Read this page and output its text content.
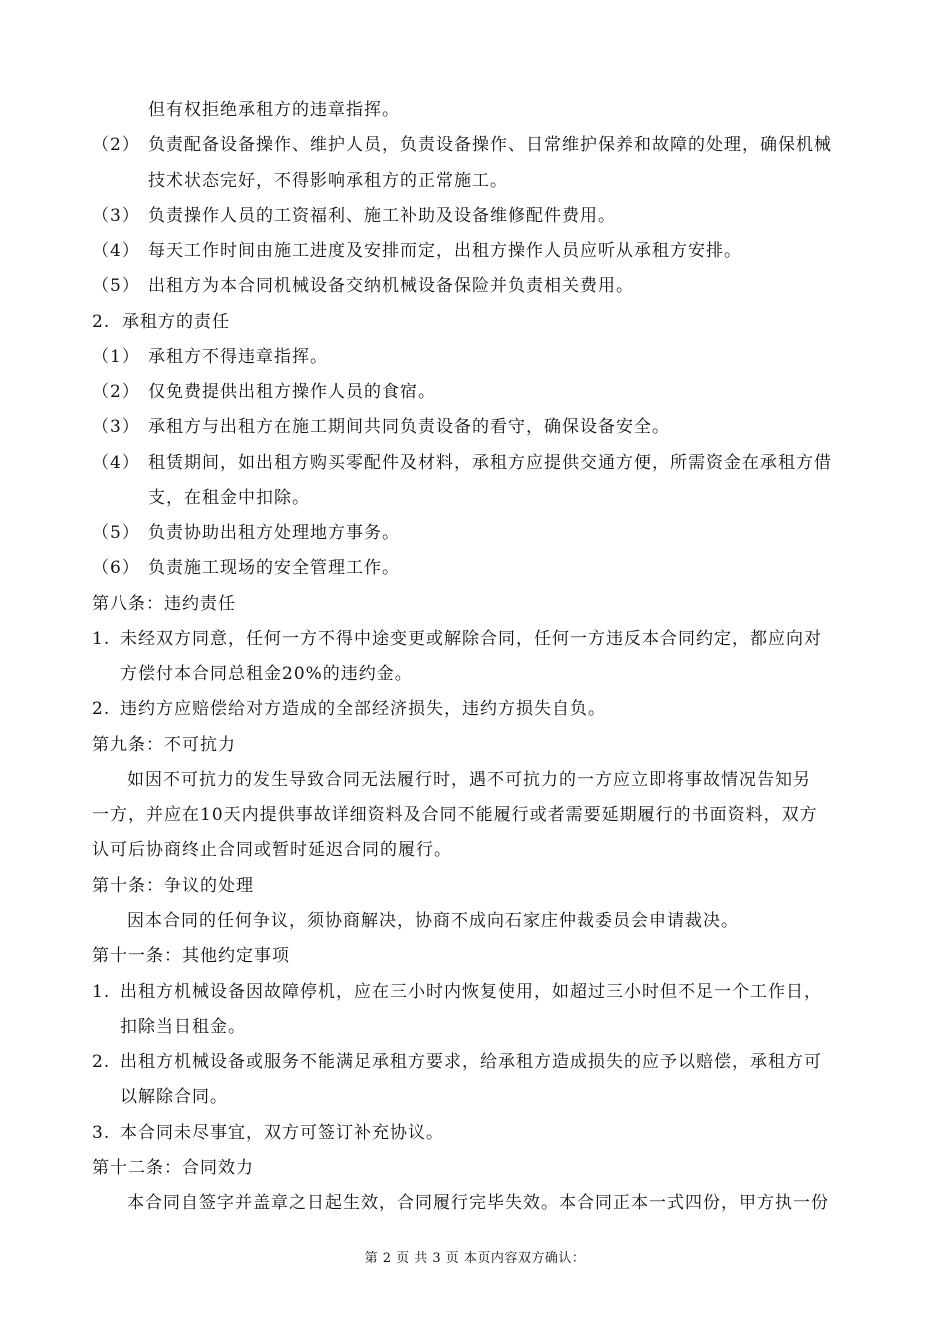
但有权拒绝承租方的违章指挥。
（2） 负责配备设备操作、维护人员，负责设备操作、日常维护保养和故障的处理，确保机械
技术状态完好，不得影响承租方的正常施工。
（3） 负责操作人员的工资福利、施工补助及设备维修配件费用。
（4） 每天工作时间由施工进度及安排而定，出租方操作人员应听从承租方安排。
（5） 出租方为本合同机械设备交纳机械设备保险并负责相关费用。
2. 承租方的责任
（1） 承租方不得违章指挥。
（2） 仅免费提供出租方操作人员的食宿。
（3） 承租方与出租方在施工期间共同负责设备的看守，确保设备安全。
（4） 租赁期间，如出租方购买零配件及材料，承租方应提供交通方便，所需资金在承租方借
支，在租金中扣除。
（5） 负责协助出租方处理地方事务。
（6） 负责施工现场的安全管理工作。
第八条：违约责任
1. 未经双方同意，任何一方不得中途变更或解除合同，任何一方违反本合同约定，都应向对
方偿付本合同总租金20%的违约金。
2. 违约方应赔偿给对方造成的全部经济损失，违约方损失自负。
第九条：不可抗力
如因不可抗力的发生导致合同无法履行时，遇不可抗力的一方应立即将事故情况告知另
一方，并应在10天内提供事故详细资料及合同不能履行或者需要延期履行的书面资料，双方
认可后协商终止合同或暂时延迟合同的履行。
第十条：争议的处理
因本合同的任何争议，须协商解决，协商不成向石家庄仲裁委员会申请裁决。
第十一条：其他约定事项
1. 出租方机械设备因故障停机，应在三小时内恢复使用，如超过三小时但不足一个工作日，
扣除当日租金。
2. 出租方机械设备或服务不能满足承租方要求，给承租方造成损失的应予以赔偿，承租方可
以解除合同。
3. 本合同未尽事宜，双方可签订补充协议。
第十二条：合同效力
本合同自签字并盖章之日起生效，合同履行完毕失效。本合同正本一式四份，甲方执一份
第 2 页 共 3 页 本页内容双方确认：
